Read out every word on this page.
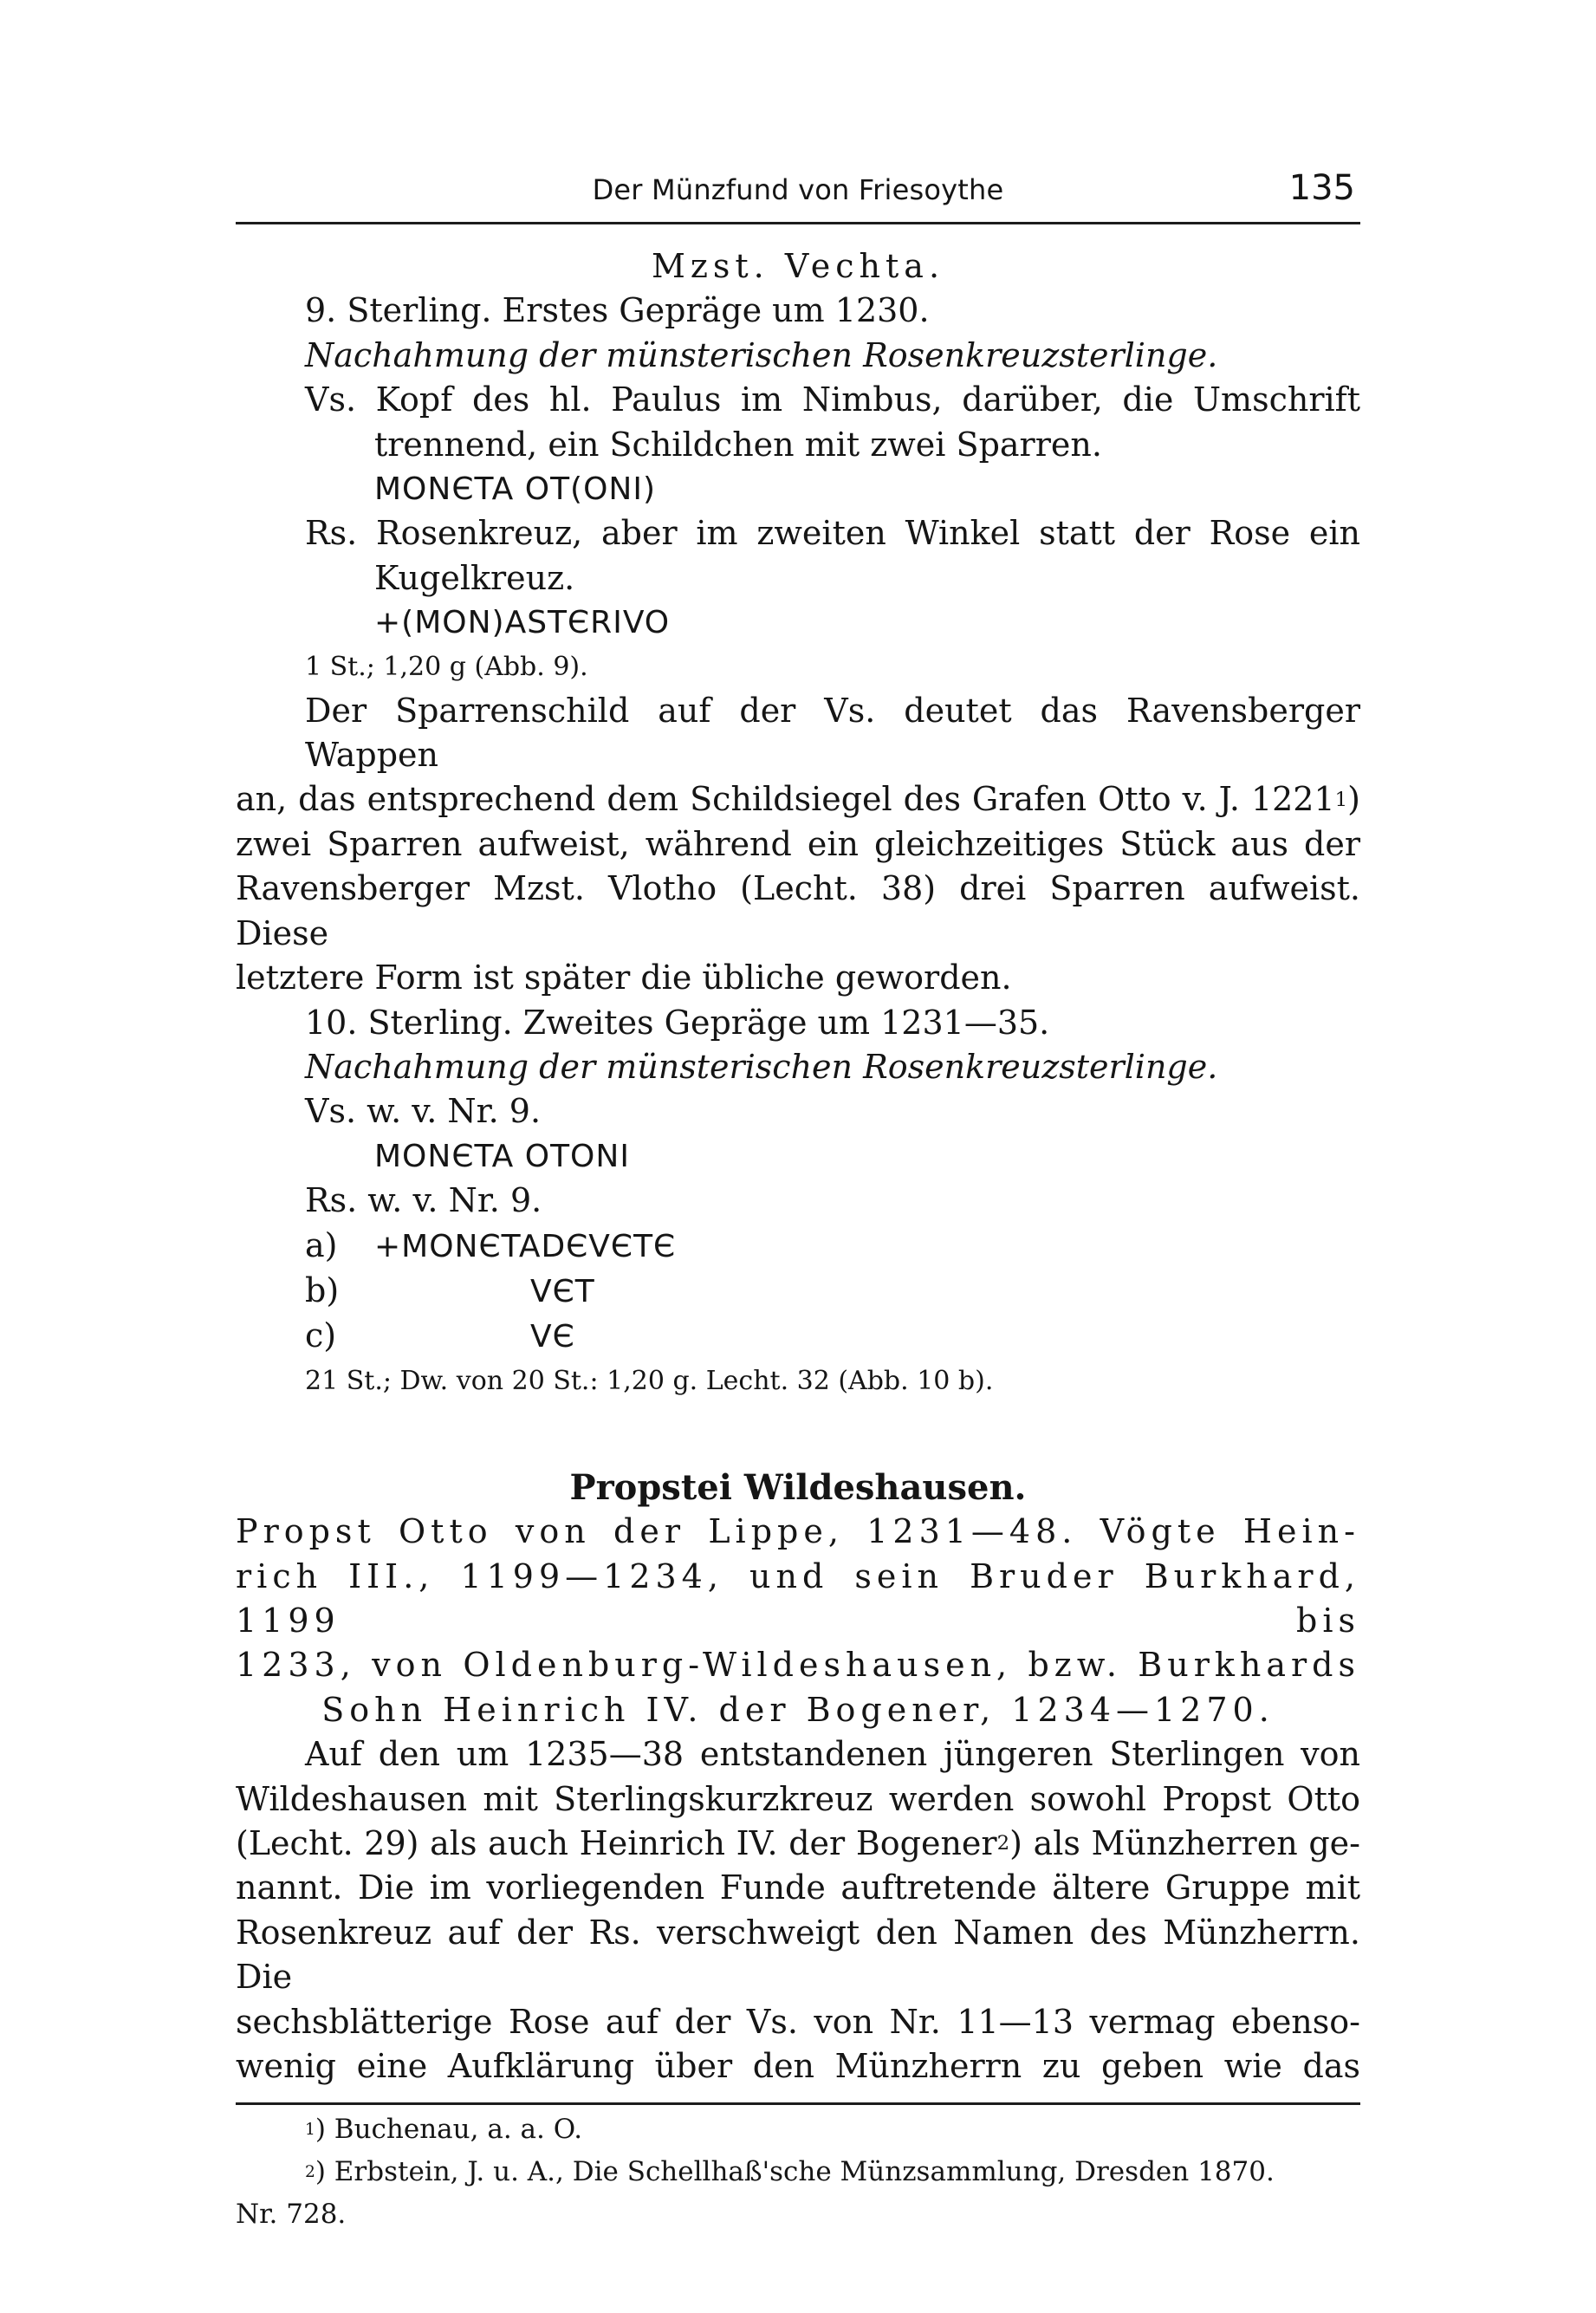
Der Münzfund von Friesoythe	135

Mzst. Vechta.

9. Sterling. Erstes Gepräge um 1230.

Nachahmung der münsterischen Rosenkreuzsterlinge.

Vs. Kopf des hl. Paulus im Nimbus, darüber, die Umschrift

trennend, ein Schildchen mit zwei Sparren.

MONЄTA OT(ONI)

Rs. Rosenkreuz, aber im zweiten Winkel statt der Rose ein

Kugelkreuz.

+(MON)ASTЄRIVO

1 St.; 1,20 g (Abb. 9).

Der Sparrenschild auf der Vs. deutet das Ravensberger Wappen

an, das entsprechend dem Schildsiegel des Grafen Otto v. J. 1221$^1$)

zwei Sparren aufweist, während ein gleichzeitiges Stück aus der

Ravensberger Mzst. Vlotho (Lecht. 38) drei Sparren aufweist. Diese

letztere Form ist später die übliche geworden.

10. Sterling. Zweites Gepräge um 1231—35.

Nachahmung der münsterischen Rosenkreuzsterlinge.

Vs. w. v. Nr. 9.

MONЄTA OTONI

Rs. w. v. Nr. 9.

a) +MONЄTADЄVЄTЄ

b)	VЄT

c)	VЄ

21 St.; Dw. von 20 St.: 1,20 g. Lecht. 32 (Abb. 10 b).

Propstei Wildeshausen.

Propst Otto von der Lippe, 1231—48. Vögte Hein-

rich III., 1199—1234, und sein Bruder Burkhard, 1199 bis

1233, von Oldenburg-Wildeshausen, bzw. Burkhards

Sohn Heinrich IV. der Bogener, 1234—1270.

Auf den um 1235—38 entstandenen jüngeren Sterlingen von

Wildeshausen mit Sterlingskurzkreuz werden sowohl Propst Otto

(Lecht. 29) als auch Heinrich IV. der Bogener$^2$) als Münzherren ge-

nannt. Die im vorliegenden Funde auftretende ältere Gruppe mit

Rosenkreuz auf der Rs. verschweigt den Namen des Münzherrn. Die

sechsblätterige Rose auf der Vs. von Nr. 11—13 vermag ebenso-

wenig eine Aufklärung über den Münzherrn zu geben wie das

$^1$) Buchenau, a. a. O.

$^2$) Erbstein, J. u. A., Die Schellhaß'sche Münzsammlung, Dresden 1870.

Nr. 728.
